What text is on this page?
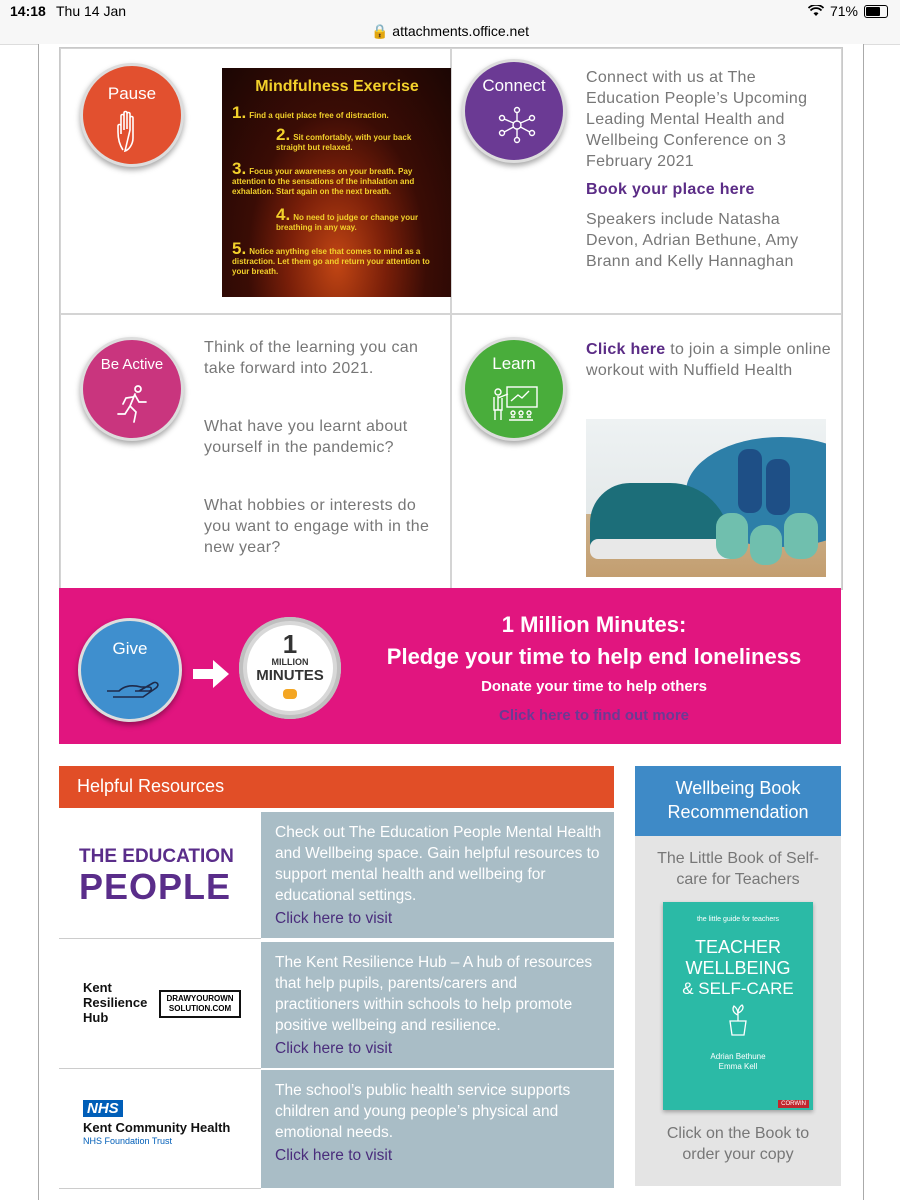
14:18 Thu 14 Jan	71%
🔒 attachments.office.net
Pause	Mindfulness Exercise
1. Find a quiet place free of distraction.
2. Sit comfortably, with your back straight but relaxed.
3. Focus your awareness on your breath. Pay attention to the sensations of the inhalation and exhalation. Start again on the next breath.
4. No need to judge or change your breathing in any way.
5. Notice anything else that comes to mind as a distraction. Let them go and return your attention to your breath.
Connect	Connect with us at The Education People’s Upcoming Leading Mental Health and Wellbeing Conference on 3 February 2021
Book your place here
Speakers include Natasha Devon, Adrian Bethune, Amy Brann and Kelly Hannaghan
Be Active
Think of the learning you can take forward into 2021.
What have you learnt about yourself in the pandemic?
What hobbies or interests do you want to engage with in the new year?
Learn
Click here to join a simple online workout with Nuffield Health
Give	1
MILLION
MINUTES
1 Million Minutes:
Pledge your time to help end loneliness
Donate your time to help others
Click here to find out more
Helpful Resources
THE EDUCATION
PEOPLE
Check out The Education People Mental Health and Wellbeing space. Gain helpful resources to support mental health and wellbeing for educational settings.
Click here to visit
Kent
Resilience
Hub
DRAWYOUROWN SOLUTION.COM
The Kent Resilience Hub – A hub of resources that help pupils, parents/carers and practitioners within schools to help promote positive wellbeing and resilience.
Click here to visit
NHS
Kent Community Health
NHS Foundation Trust
The school’s public health service supports children and young people’s physical and emotional needs.
Click here to visit
Wellbeing Book Recommendation
The Little Book of Self-care for Teachers
the little guide for teachers
TEACHER
WELLBEING
& SELF-CARE
Adrian Bethune Emma Kell
CORWIN
Click on the Book to order your copy
